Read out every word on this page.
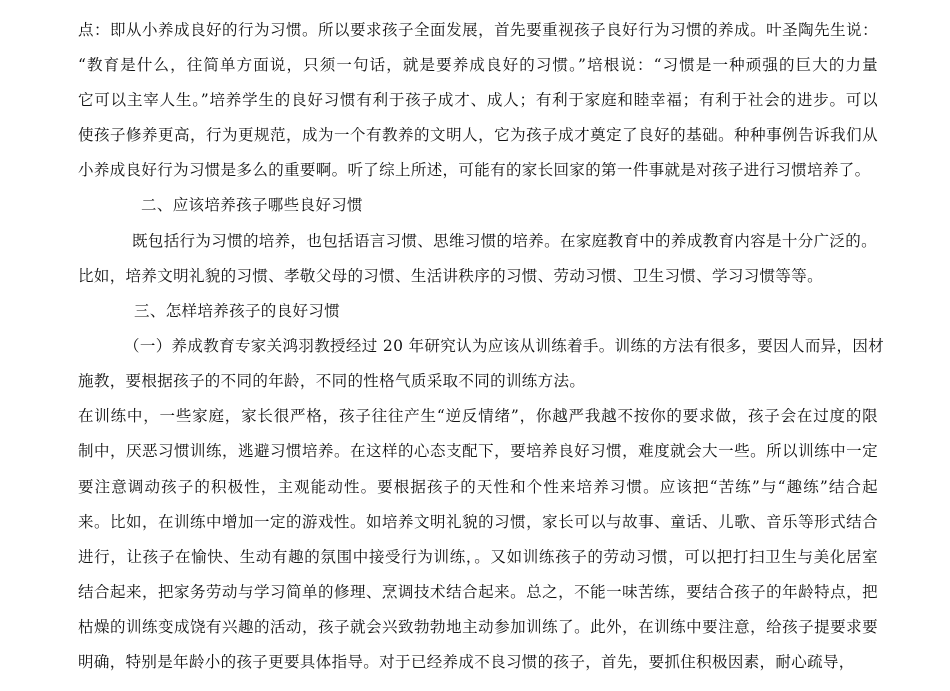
点：即从小养成良好的行为习惯。所以要求孩子全面发展，首先要重视孩子良好行为习惯的养成。叶圣陶先生说：
“教育是什么，往简单方面说，只须一句话，就是要养成良好的习惯。”培根说：“习惯是一种顽强的巨大的力量
它可以主宰人生。”培养学生的良好习惯有利于孩子成才、成人；有利于家庭和睦幸福；有利于社会的进步。可以
使孩子修养更高，行为更规范，成为一个有教养的文明人，它为孩子成才奠定了良好的基础。种种事例告诉我们从
小养成良好行为习惯是多么的重要啊。听了综上所述，可能有的家长回家的第一件事就是对孩子进行习惯培养了。
二、应该培养孩子哪些良好习惯
既包括行为习惯的培养，也包括语言习惯、思维习惯的培养。在家庭教育中的养成教育内容是十分广泛的。
比如，培养文明礼貌的习惯、孝敬父母的习惯、生活讲秩序的习惯、劳动习惯、卫生习惯、学习习惯等等。
三、怎样培养孩子的良好习惯
（一）养成教育专家关鸿羽教授经过 20 年研究认为应该从训练着手。训练的方法有很多，要因人而异，因材
施教，要根据孩子的不同的年龄，不同的性格气质采取不同的训练方法。
在训练中，一些家庭，家长很严格，孩子往往产生“逆反情绪”，你越严我越不按你的要求做，孩子会在过度的限
制中，厌恶习惯训练，逃避习惯培养。在这样的心态支配下，要培养良好习惯，难度就会大一些。所以训练中一定
要注意调动孩子的积极性，主观能动性。要根据孩子的天性和个性来培养习惯。应该把“苦练”与“趣练”结合起
来。比如，在训练中增加一定的游戏性。如培养文明礼貌的习惯，家长可以与故事、童话、儿歌、音乐等形式结合
进行，让孩子在愉快、生动有趣的氛围中接受行为训练，。又如训练孩子的劳动习惯，可以把打扫卫生与美化居室
结合起来，把家务劳动与学习简单的修理、烹调技术结合起来。总之，不能一味苦练，要结合孩子的年龄特点，把
枯燥的训练变成饶有兴趣的活动，孩子就会兴致勃勃地主动参加训练了。此外，在训练中要注意，给孩子提要求要
明确，特别是年龄小的孩子更要具体指导。对于已经养成不良习惯的孩子，首先，要抓住积极因素，耐心疏导，
